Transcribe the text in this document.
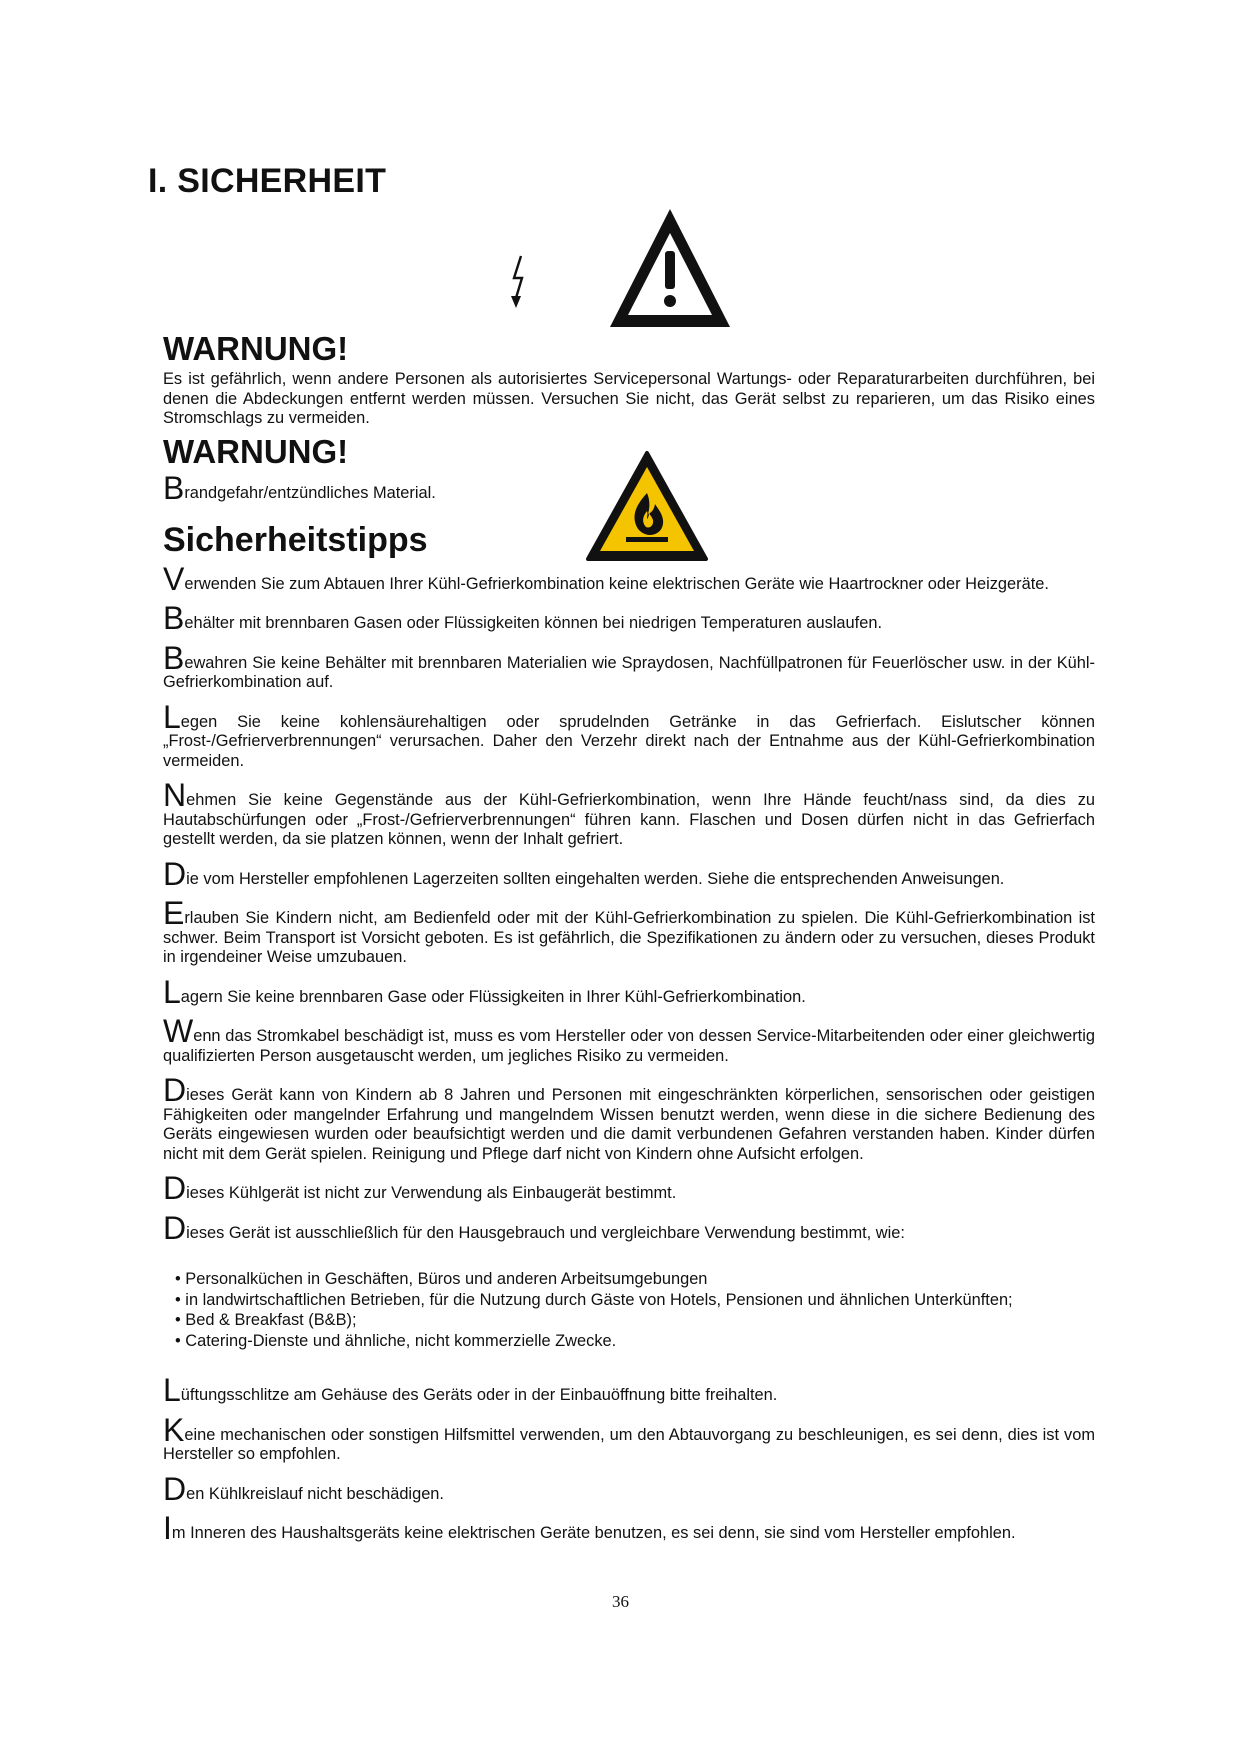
I. SICHERHEIT
WARNUNG!

Es ist gefährlich, wenn andere Personen als autorisiertes Servicepersonal Wartungs- oder Reparaturarbeiten durchführen, bei denen die Abdeckungen entfernt werden müssen. Versuchen Sie nicht, das Gerät selbst zu reparieren, um das Risiko eines Stromschlags zu vermeiden.

WARNUNG!

Brandgefahr/entzündliches Material.

Sicherheitstipps

Verwenden Sie zum Abtauen Ihrer Kühl-Gefrierkombination keine elektrischen Geräte wie Haartrockner oder Heizgeräte.

Behälter mit brennbaren Gasen oder Flüssigkeiten können bei niedrigen Temperaturen auslaufen.

Bewahren Sie keine Behälter mit brennbaren Materialien wie Spraydosen, Nachfüllpatronen für Feuerlöscher usw. in der Kühl-Gefrierkombination auf.

Legen Sie keine kohlensäurehaltigen oder sprudelnden Getränke in das Gefrierfach. Eislutscher können „Frost-/Gefrierverbrennungen“ verursachen. Daher den Verzehr direkt nach der Entnahme aus der Kühl-Gefrierkombination vermeiden.

Nehmen Sie keine Gegenstände aus der Kühl-Gefrierkombination, wenn Ihre Hände feucht/nass sind, da dies zu Hautabschürfungen oder „Frost-/Gefrierverbrennungen“ führen kann. Flaschen und Dosen dürfen nicht in das Gefrierfach gestellt werden, da sie platzen können, wenn der Inhalt gefriert.

Die vom Hersteller empfohlenen Lagerzeiten sollten eingehalten werden. Siehe die entsprechenden Anweisungen.

Erlauben Sie Kindern nicht, am Bedienfeld oder mit der Kühl-Gefrierkombination zu spielen. Die Kühl-Gefrierkombination ist schwer. Beim Transport ist Vorsicht geboten. Es ist gefährlich, die Spezifikationen zu ändern oder zu versuchen, dieses Produkt in irgendeiner Weise umzubauen.

Lagern Sie keine brennbaren Gase oder Flüssigkeiten in Ihrer Kühl-Gefrierkombination.

Wenn das Stromkabel beschädigt ist, muss es vom Hersteller oder von dessen Service-Mitarbeitenden oder einer gleichwertig qualifizierten Person ausgetauscht werden, um jegliches Risiko zu vermeiden.

Dieses Gerät kann von Kindern ab 8 Jahren und Personen mit eingeschränkten körperlichen, sensorischen oder geistigen Fähigkeiten oder mangelnder Erfahrung und mangelndem Wissen benutzt werden, wenn diese in die sichere Bedienung des Geräts eingewiesen wurden oder beaufsichtigt werden und die damit verbundenen Gefahren verstanden haben. Kinder dürfen nicht mit dem Gerät spielen. Reinigung und Pflege darf nicht von Kindern ohne Aufsicht erfolgen.

Dieses Kühlgerät ist nicht zur Verwendung als Einbaugerät bestimmt.

Dieses Gerät ist ausschließlich für den Hausgebrauch und vergleichbare Verwendung bestimmt, wie:

• Personalküchen in Geschäften, Büros und anderen Arbeitsumgebungen
• in landwirtschaftlichen Betrieben, für die Nutzung durch Gäste von Hotels, Pensionen und ähnlichen Unterkünften;
• Bed & Breakfast (B&B);
• Catering-Dienste und ähnliche, nicht kommerzielle Zwecke.

Lüftungsschlitze am Gehäuse des Geräts oder in der Einbauöffnung bitte freihalten.

Keine mechanischen oder sonstigen Hilfsmittel verwenden, um den Abtauvorgang zu beschleunigen, es sei denn, dies ist vom Hersteller so empfohlen.

Den Kühlkreislauf nicht beschädigen.

Im Inneren des Haushaltsgeräts keine elektrischen Geräte benutzen, es sei denn, sie sind vom Hersteller empfohlen.

36
